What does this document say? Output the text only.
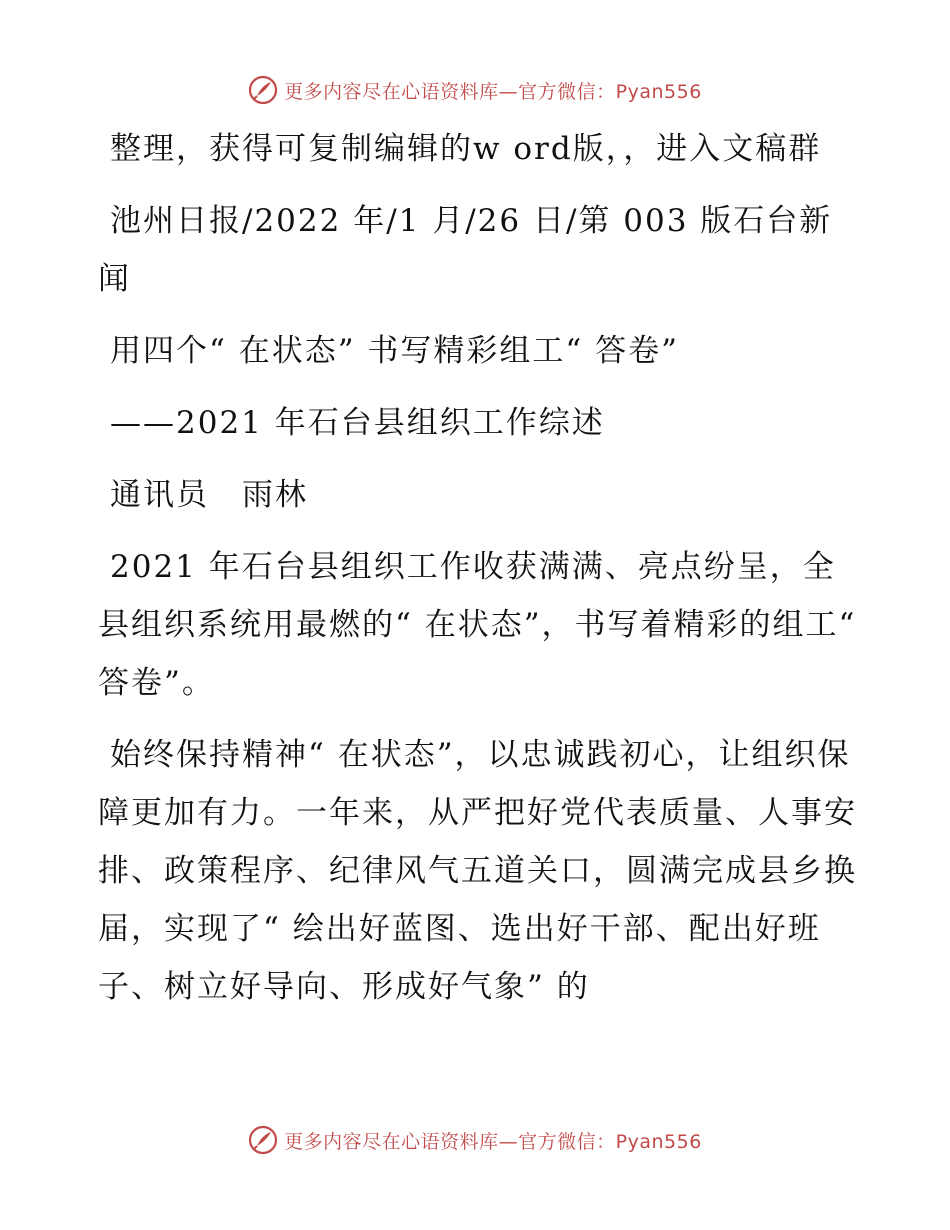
更多内容尽在心语资料库—官方微信：Pyan556

整理，获得可复制编辑的w ord版，，进入文稿群

池州日报/2022 年/1 月/26 日/第 003 版石台新闻

用四个“ 在状态” 书写精彩组工“ 答卷”

——2021 年石台县组织工作综述

通讯员　雨林

2021 年石台县组织工作收获满满、亮点纷呈，全县组织系统用最燃的“ 在状态”，书写着精彩的组工“ 答卷”。

始终保持精神“ 在状态”，以忠诚践初心，让组织保障更加有力。一年来，从严把好党代表质量、人事安排、政策程序、纪律风气五道关口，圆满完成县乡换届，实现了“ 绘出好蓝图、选出好干部、配出好班子、树立好导向、形成好气象” 的

更多内容尽在心语资料库—官方微信：Pyan556
